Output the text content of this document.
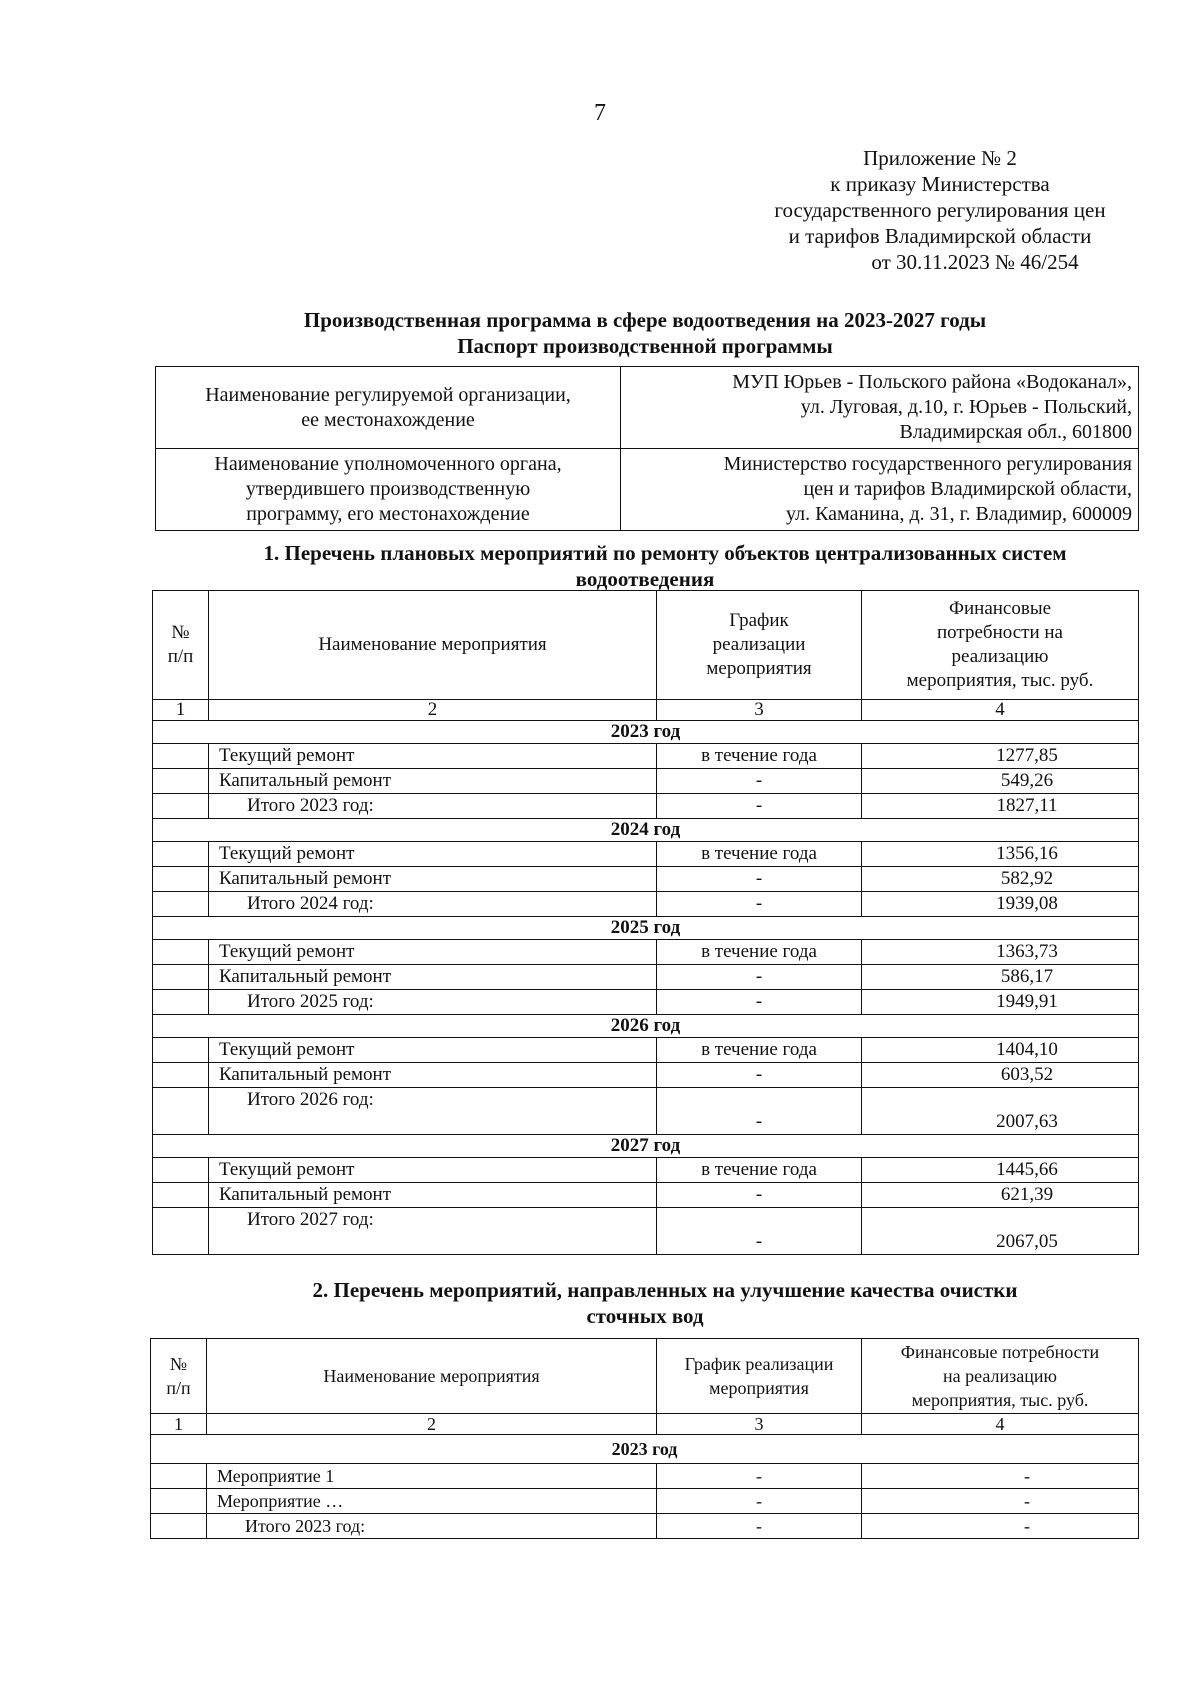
7
Приложение № 2
к приказу Министерства
государственного регулирования цен
и тарифов Владимирской области
от 30.11.2023 № 46/254
Производственная программа в сфере водоотведения на 2023-2027 годы
Паспорт производственной программы
Наименование регулируемой организации,
ее местонахождение	МУП Юрьев - Польского района «Водоканал»,
ул. Луговая, д.10, г. Юрьев - Польский,
Владимирская обл., 601800

Наименование уполномоченного органа,
утвердившего производственную
программу, его местонахождение	Министерство государственного регулирования
цен и тарифов Владимирской области,
ул. Каманина, д. 31, г. Владимир, 600009
1. Перечень плановых мероприятий по ремонту объектов централизованных систем
водоотведения
№
п/п	Наименование мероприятия	График
реализации
мероприятия	Финансовые
потребности на
реализацию
мероприятия, тыс. руб.

1	2	3	4
2023 год			
	Текущий ремонт	в течение года	1277,85
	Капитальный ремонт	-	549,26
	Итого 2023 год:	-	1827,11
2024 год			
	Текущий ремонт	в течение года	1356,16
	Капитальный ремонт	-	582,92
	Итого 2024 год:	-	1939,08
2025 год			
	Текущий ремонт	в течение года	1363,73
	Капитальный ремонт	-	586,17
	Итого 2025 год:	-	1949,91
2026 год			
	Текущий ремонт	в течение года	1404,10
	Капитальный ремонт	-	603,52
	Итого 2026 год:	-	2007,63
2027 год			
	Текущий ремонт	в течение года	1445,66
	Капитальный ремонт	-	621,39
	Итого 2027 год:	-	2067,05
2. Перечень мероприятий, направленных на улучшение качества очистки
сточных вод
№
п/п	Наименование мероприятия	График реализации
мероприятия	Финансовые потребности
на реализацию
мероприятия, тыс. руб.

1	2	3	4
2023 год			
	Мероприятие 1	-	-
	Мероприятие …	-	-
	Итого 2023 год:	-	-
